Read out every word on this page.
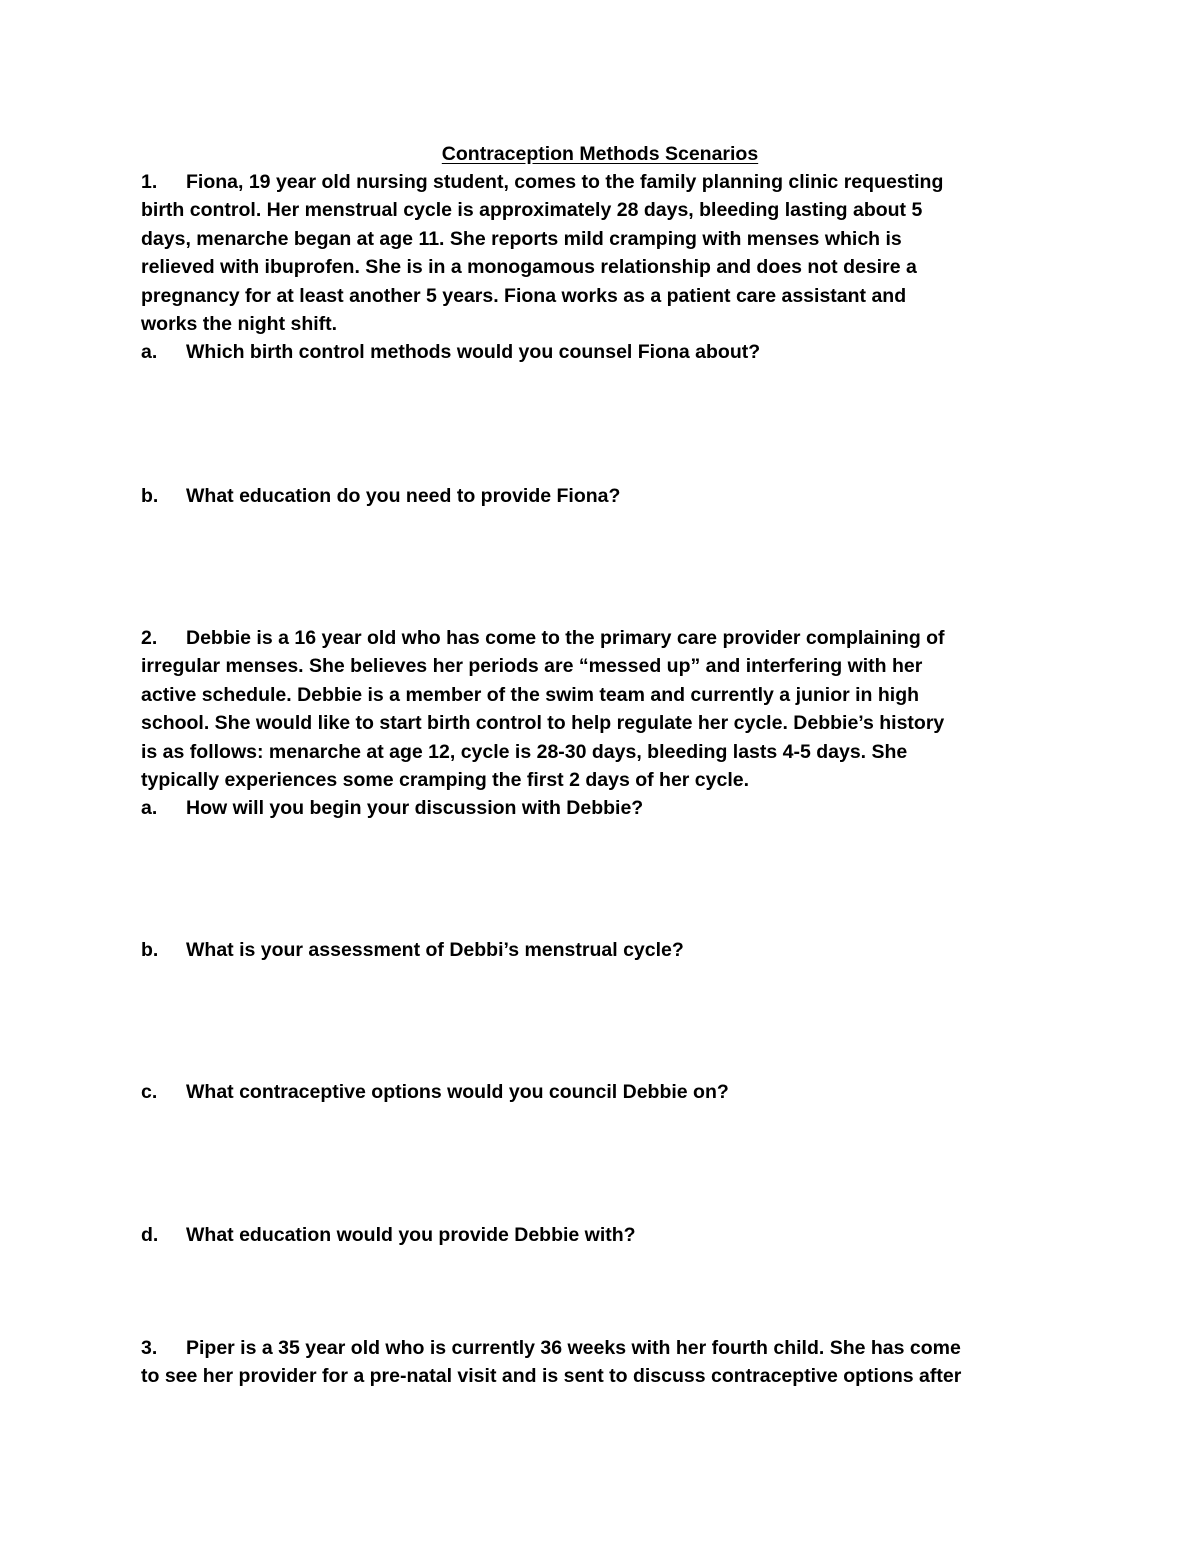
Contraception Methods Scenarios
1. Fiona, 19 year old nursing student, comes to the family planning clinic requesting
birth control. Her menstrual cycle is approximately 28 days, bleeding lasting about 5
days, menarche began at age 11. She reports mild cramping with menses which is
relieved with ibuprofen. She is in a monogamous relationship and does not desire a
pregnancy for at least another 5 years. Fiona works as a patient care assistant and
works the night shift.
a. Which birth control methods would you counsel Fiona about?

b. What education do you need to provide Fiona?

2. Debbie is a 16 year old who has come to the primary care provider complaining of
irregular menses. She believes her periods are “messed up” and interfering with her
active schedule. Debbie is a member of the swim team and currently a junior in high
school. She would like to start birth control to help regulate her cycle. Debbie’s history
is as follows: menarche at age 12, cycle is 28-30 days, bleeding lasts 4-5 days. She
typically experiences some cramping the first 2 days of her cycle.
a. How will you begin your discussion with Debbie?

b. What is your assessment of Debbi’s menstrual cycle?

c. What contraceptive options would you council Debbie on?

d. What education would you provide Debbie with?

3. Piper is a 35 year old who is currently 36 weeks with her fourth child. She has come
to see her provider for a pre-natal visit and is sent to discuss contraceptive options after
